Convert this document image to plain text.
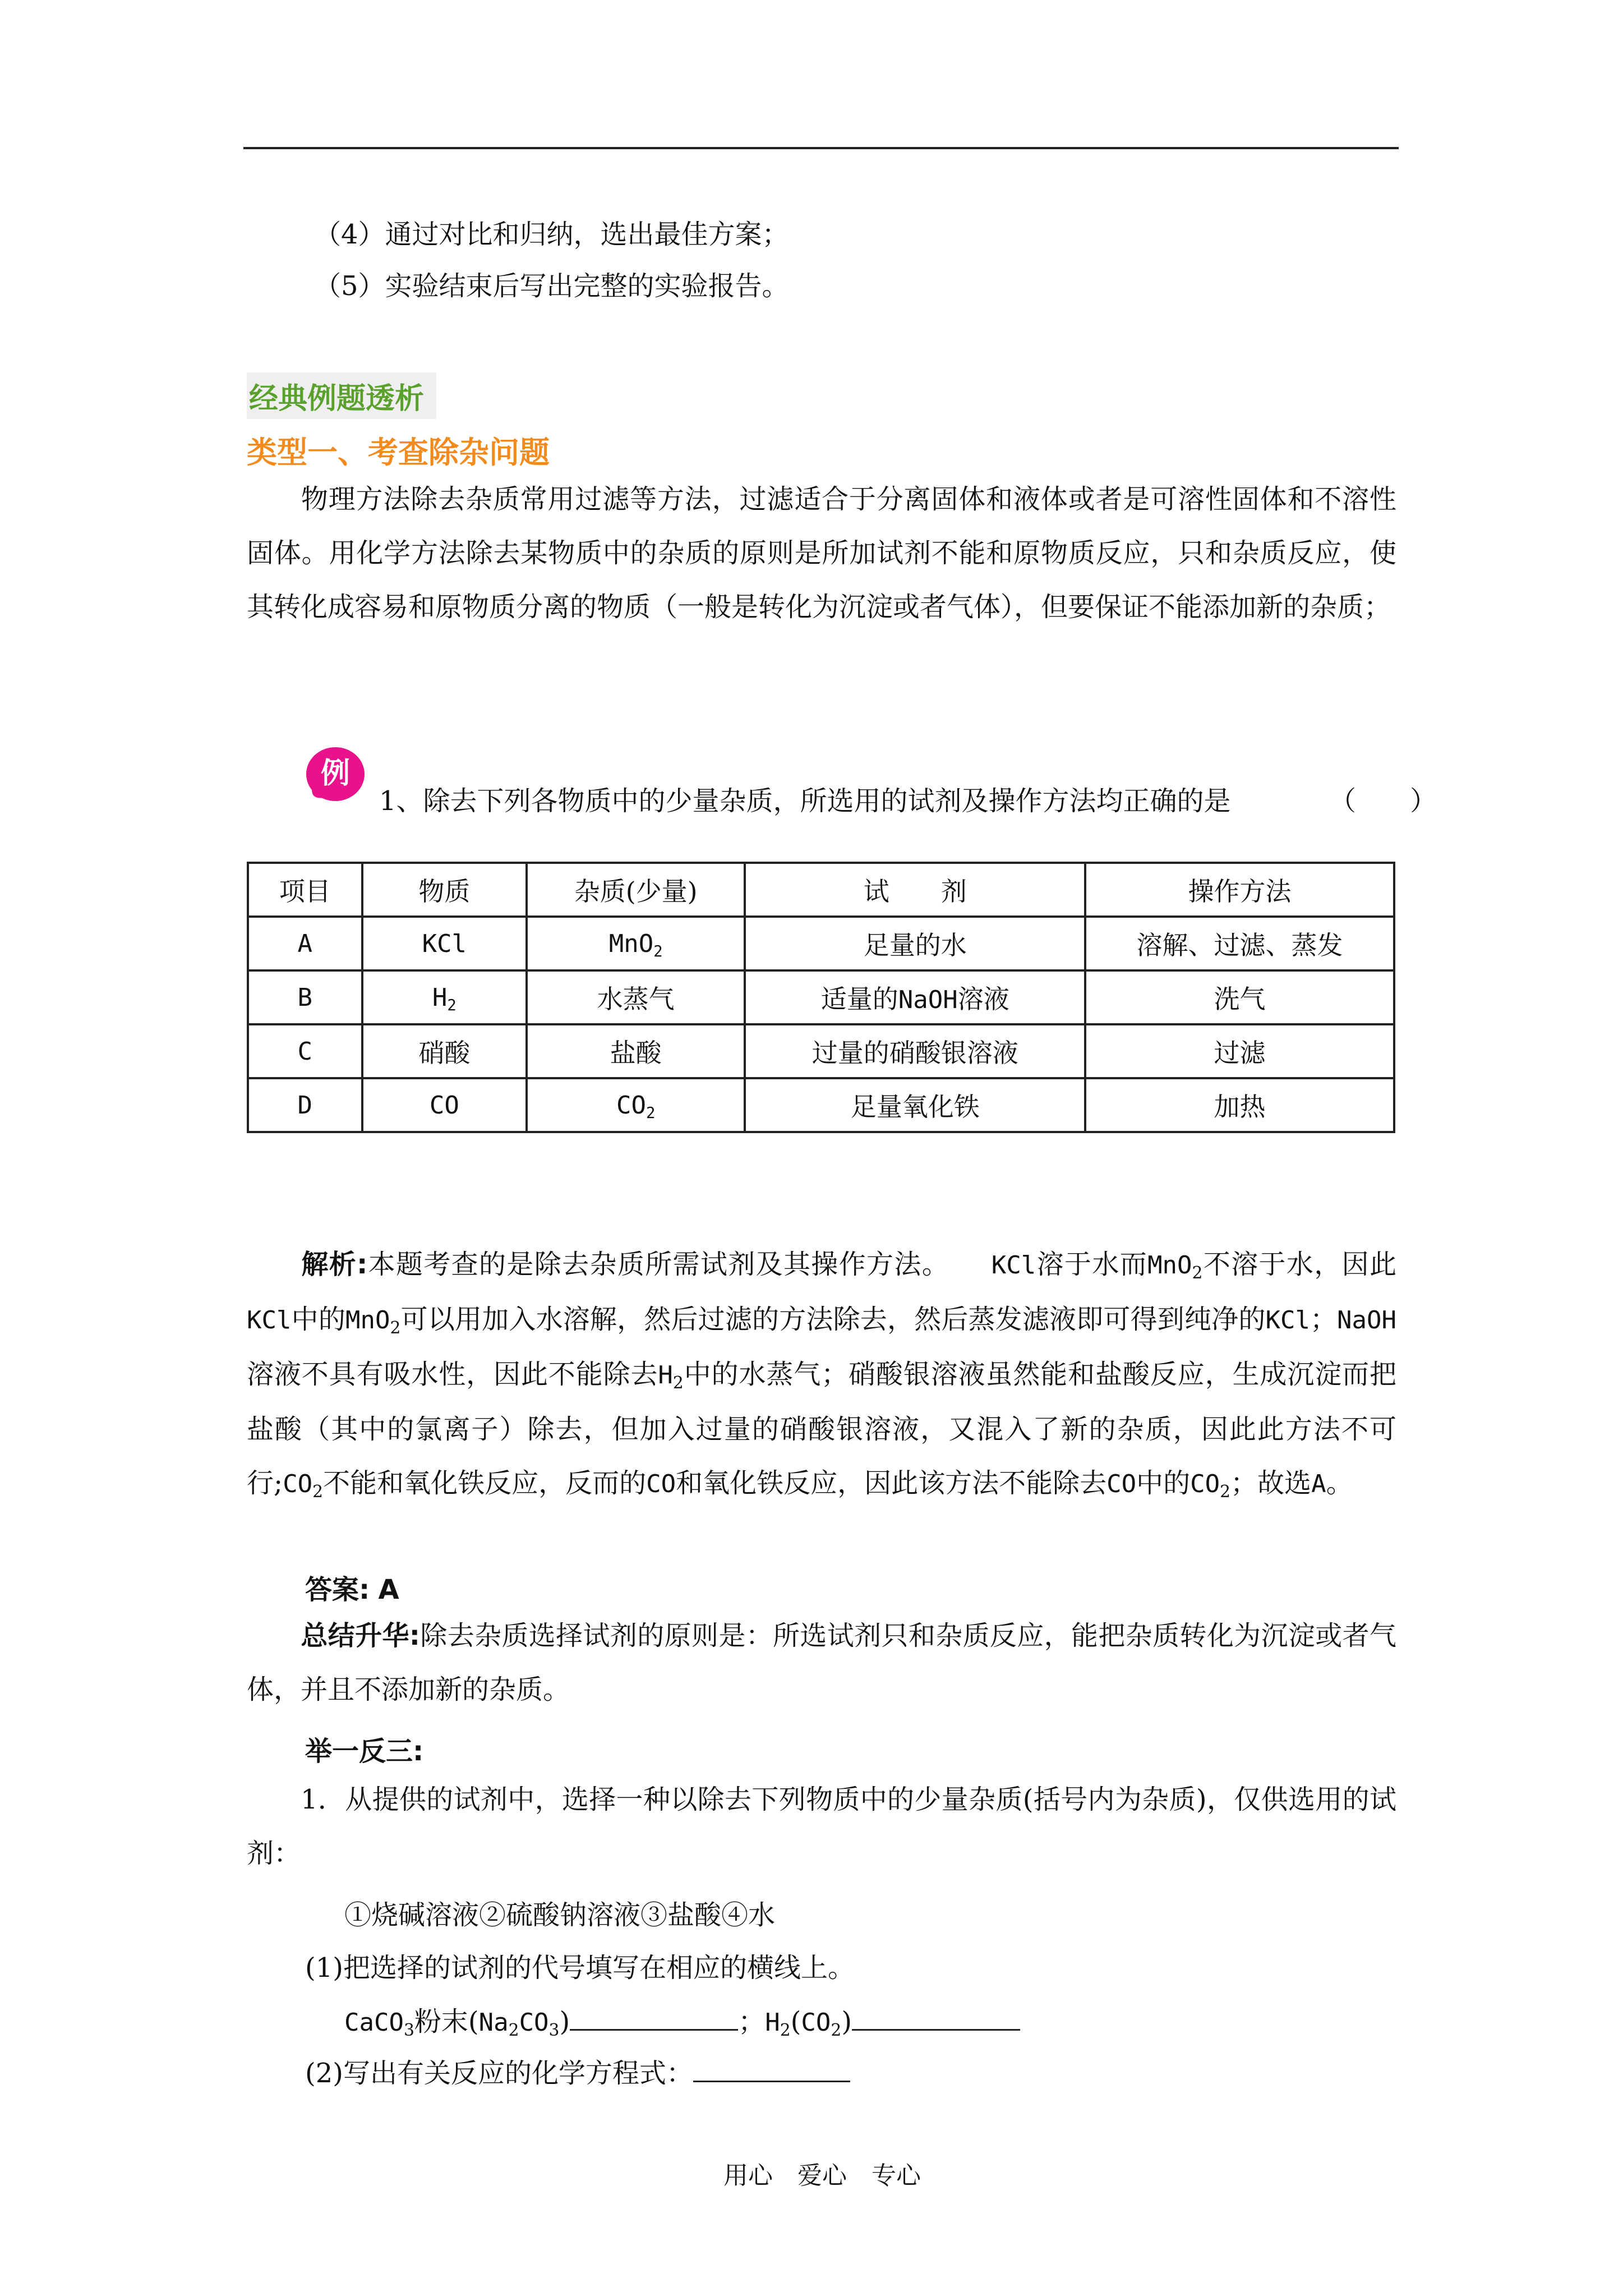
（4）通过对比和归纳，选出最佳方案；
（5）实验结束后写出完整的实验报告。
经典例题透析
类型一、考查除杂问题
物理方法除去杂质常用过滤等方法，过滤适合于分离固体和液体或者是可溶性固体和不溶性固体。用化学方法除去某物质中的杂质的原则是所加试剂不能和原物质反应，只和杂质反应，使其转化成容易和原物质分离的物质（一般是转化为沉淀或者气体），但要保证不能添加新的杂质；
例
1、除去下列各物质中的少量杂质，所选用的试剂及操作方法均正确的是	（　　）
项目	物质	杂质(少量)	试　　剂	操作方法
A	KCl	MnO$_2$	足量的水	溶解、过滤、蒸发
B	$H_2$	水蒸气	适量的NaOH溶液	洗气
C	硝酸	盐酸	过量的硝酸银溶液	过滤
D	CO	$CO_2$	足量氧化铁	加热
解析:本题考查的是除去杂质所需试剂及其操作方法。　　KCl溶于水而MnO$_2$不溶于水，因此KCl中的MnO$_2$可以用加入水溶解，然后过滤的方法除去，然后蒸发滤液即可得到纯净的KCl；NaOH溶液不具有吸水性，因此不能除去$H_2$中的水蒸气；硝酸银溶液虽然能和盐酸反应，生成沉淀而把盐酸（其中的氯离子）除去，但加入过量的硝酸银溶液，又混入了新的杂质，因此此方法不可行$;CO_2$不能和氧化铁反应，反而的CO和氧化铁反应，因此该方法不能除去CO中的$CO_2$；故选A。
答案: A
总结升华:除去杂质选择试剂的原则是：所选试剂只和杂质反应，能把杂质转化为沉淀或者气体，并且不添加新的杂质。
举一反三:
1．从提供的试剂中，选择一种以除去下列物质中的少量杂质(括号内为杂质)，仅供选用的试剂：
①烧碱溶液②硫酸钠溶液③盐酸④水
(1)把选择的试剂的代号填写在相应的横线上。
CaCO$_3$粉末$(Na_2CO_3)$	；$H_2(CO_2)$
(2)写出有关反应的化学方程式：
用心　爱心　专心
